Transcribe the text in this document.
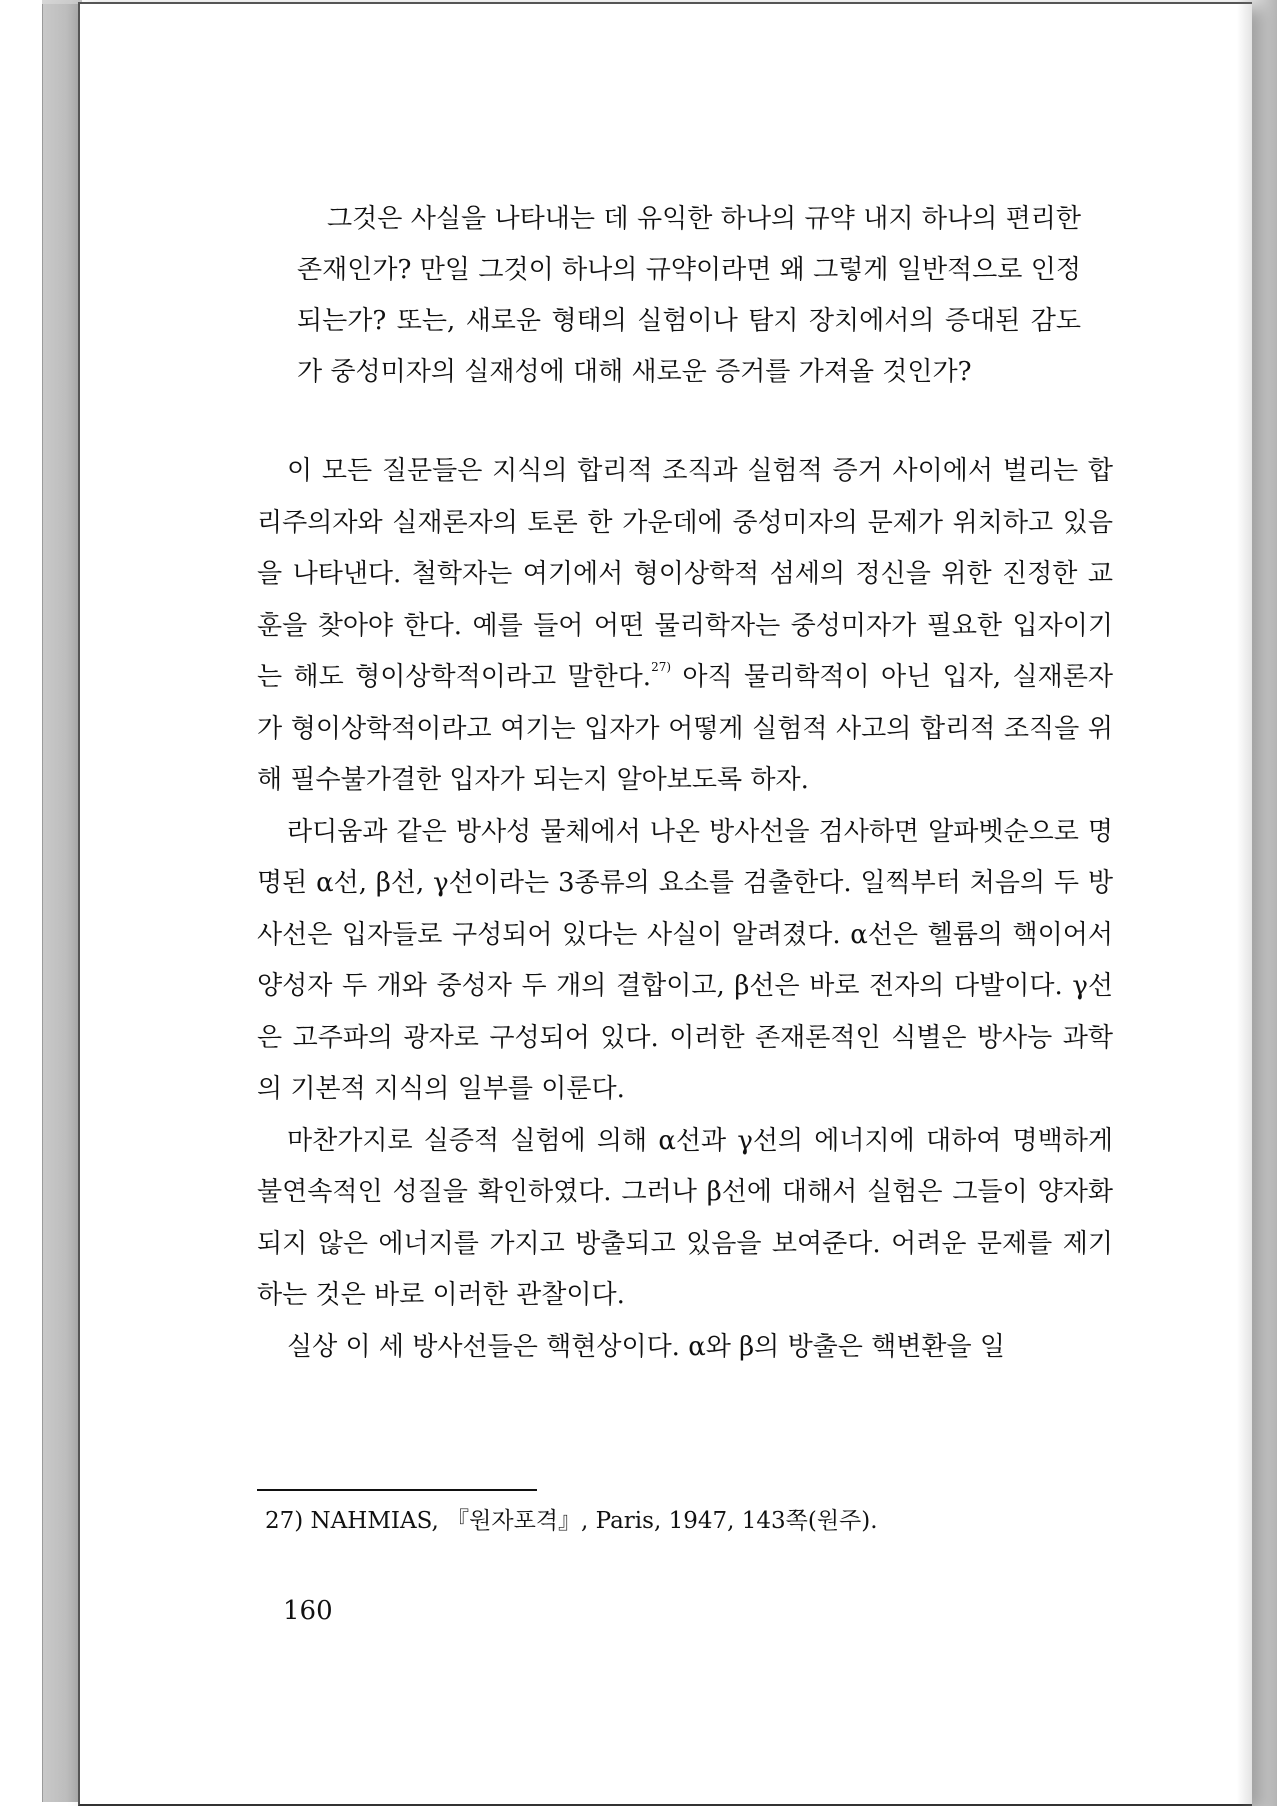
그것은 사실을 나타내는 데 유익한 하나의 규약 내지 하나의 편리한 존재인가? 만일 그것이 하나의 규약이라면 왜 그렇게 일반적으로 인정되는가? 또는, 새로운 형태의 실험이나 탐지 장치에서의 증대된 감도가 중성미자의 실재성에 대해 새로운 증거를 가져올 것인가?

이 모든 질문들은 지식의 합리적 조직과 실험적 증거 사이에서 벌리는 합리주의자와 실재론자의 토론 한 가운데에 중성미자의 문제가 위치하고 있음을 나타낸다. 철학자는 여기에서 형이상학적 섬세의 정신을 위한 진정한 교훈을 찾아야 한다. 예를 들어 어떤 물리학자는 중성미자가 필요한 입자이기는 해도 형이상학적이라고 말한다.$^{27)}$ 아직 물리학적이 아닌 입자, 실재론자가 형이상학적이라고 여기는 입자가 어떻게 실험적 사고의 합리적 조직을 위해 필수불가결한 입자가 되는지 알아보도록 하자.

라디움과 같은 방사성 물체에서 나온 방사선을 검사하면 알파벳순으로 명명된 α선, β선, γ선이라는 3종류의 요소를 검출한다. 일찍부터 처음의 두 방사선은 입자들로 구성되어 있다는 사실이 알려졌다. α선은 헬륨의 핵이어서 양성자 두 개와 중성자 두 개의 결합이고, β선은 바로 전자의 다발이다. γ선은 고주파의 광자로 구성되어 있다. 이러한 존재론적인 식별은 방사능 과학의 기본적 지식의 일부를 이룬다.

마찬가지로 실증적 실험에 의해 α선과 γ선의 에너지에 대하여 명백하게 불연속적인 성질을 확인하였다. 그러나 β선에 대해서 실험은 그들이 양자화되지 않은 에너지를 가지고 방출되고 있음을 보여준다. 어려운 문제를 제기하는 것은 바로 이러한 관찰이다.

실상 이 세 방사선들은 핵현상이다. α와 β의 방출은 핵변환을 일

27) NAHMIAS, 『원자포격』, Paris, 1947, 143쪽(원주).
160
